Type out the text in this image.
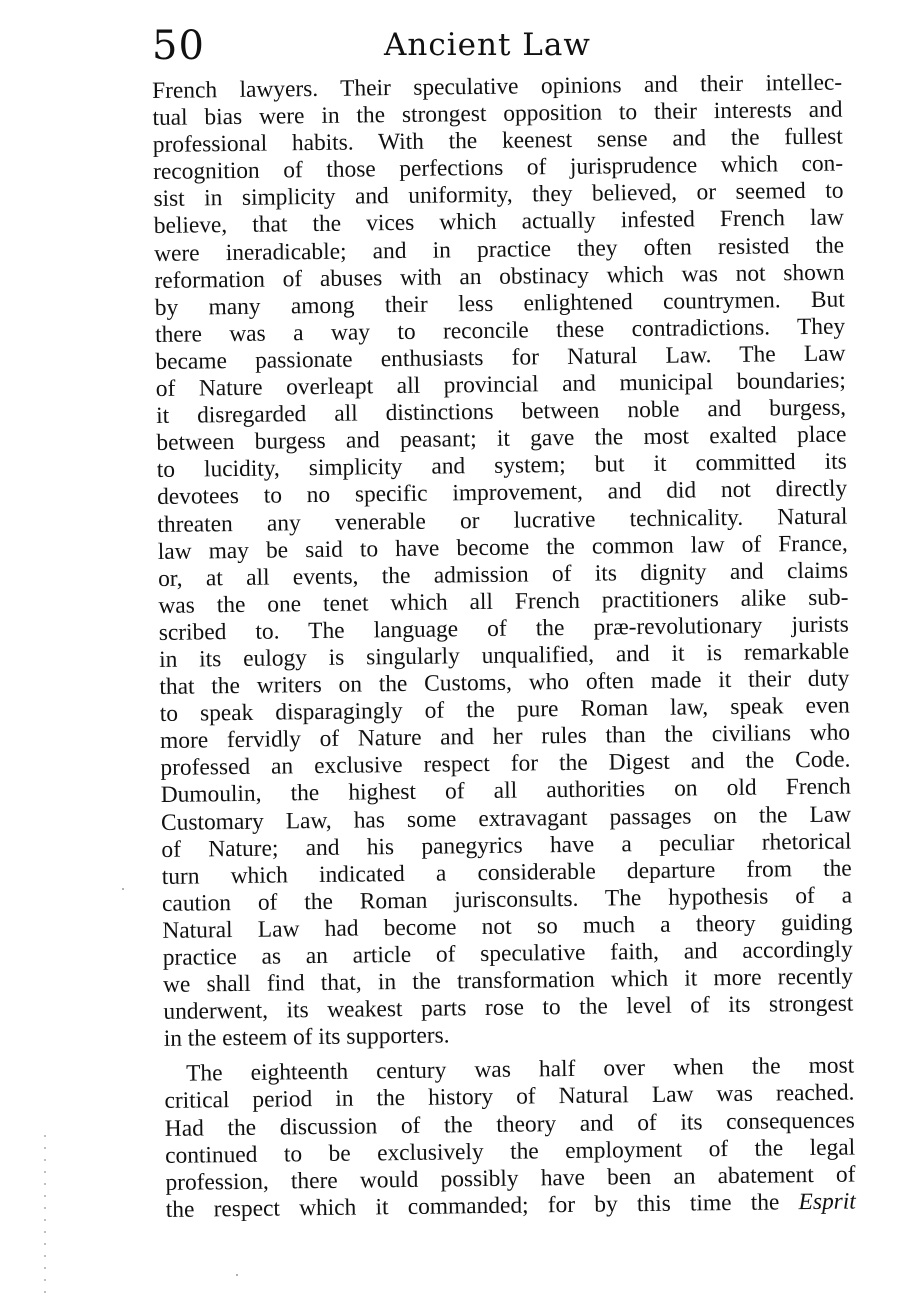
50	Ancient Law
French lawyers. Their speculative opinions and their intellec-
tual bias were in the strongest opposition to their interests and
professional habits. With the keenest sense and the fullest
recognition of those perfections of jurisprudence which con-
sist in simplicity and uniformity, they believed, or seemed to
believe, that the vices which actually infested French law
were ineradicable; and in practice they often resisted the
reformation of abuses with an obstinacy which was not shown
by many among their less enlightened countrymen. But
there was a way to reconcile these contradictions. They
became passionate enthusiasts for Natural Law. The Law
of Nature overleapt all provincial and municipal boundaries;
it disregarded all distinctions between noble and burgess,
between burgess and peasant; it gave the most exalted place
to lucidity, simplicity and system; but it committed its
devotees to no specific improvement, and did not directly
threaten any venerable or lucrative technicality. Natural
law may be said to have become the common law of France,
or, at all events, the admission of its dignity and claims
was the one tenet which all French practitioners alike sub-
scribed to. The language of the præ-revolutionary jurists
in its eulogy is singularly unqualified, and it is remarkable
that the writers on the Customs, who often made it their duty
to speak disparagingly of the pure Roman law, speak even
more fervidly of Nature and her rules than the civilians who
professed an exclusive respect for the Digest and the Code.
Dumoulin, the highest of all authorities on old French
Customary Law, has some extravagant passages on the Law
of Nature; and his panegyrics have a peculiar rhetorical
turn which indicated a considerable departure from the
caution of the Roman jurisconsults. The hypothesis of a
Natural Law had become not so much a theory guiding
practice as an article of speculative faith, and accordingly
we shall find that, in the transformation which it more recently
underwent, its weakest parts rose to the level of its strongest
in the esteem of its supporters.
The eighteenth century was half over when the most
critical period in the history of Natural Law was reached.
Had the discussion of the theory and of its consequences
continued to be exclusively the employment of the legal
profession, there would possibly have been an abatement of
the respect which it commanded; for by this time the Esprit
